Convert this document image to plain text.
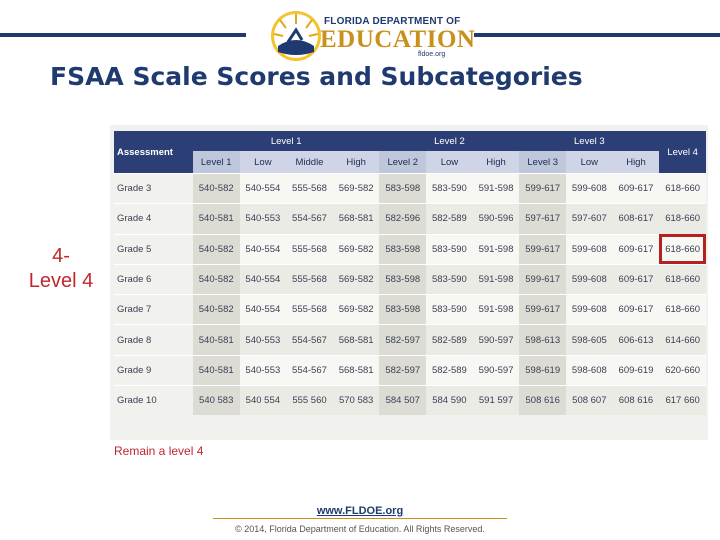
FLORIDA DEPARTMENT OF
EDUCATION
fldoe.org
FSAA Scale Scores and Subcategories
4-
Level 4
Assessment	Level 1				Level 2			Level 3			Level 4
	Level 1	Low	Middle	High	Level 2	Low	High	Level 3	Low	High	
Grade 3	540-582	540-554	555-568	569-582	583-598	583-590	591-598	599-617	599-608	609-617	618-660
Grade 4	540-581	540-553	554-567	568-581	582-596	582-589	590-596	597-617	597-607	608-617	618-660
Grade 5	540-582	540-554	555-568	569-582	583-598	583-590	591-598	599-617	599-608	609-617	618-660
Grade 6	540-582	540-554	555-568	569-582	583-598	583-590	591-598	599-617	599-608	609-617	618-660
Grade 7	540-582	540-554	555-568	569-582	583-598	583-590	591-598	599-617	599-608	609-617	618-660
Grade 8	540-581	540-553	554-567	568-581	582-597	582-589	590-597	598-613	598-605	606-613	614-660
Grade 9	540-581	540-553	554-567	568-581	582-597	582-589	590-597	598-619	598-608	609-619	620-660
Grade 10	540 583	540 554	555 560	570 583	584 507	584 590	591 597	508 616	508 607	608 616	617 660
Remain a level 4
www.FLDOE.org
© 2014, Florida Department of Education. All Rights Reserved.
